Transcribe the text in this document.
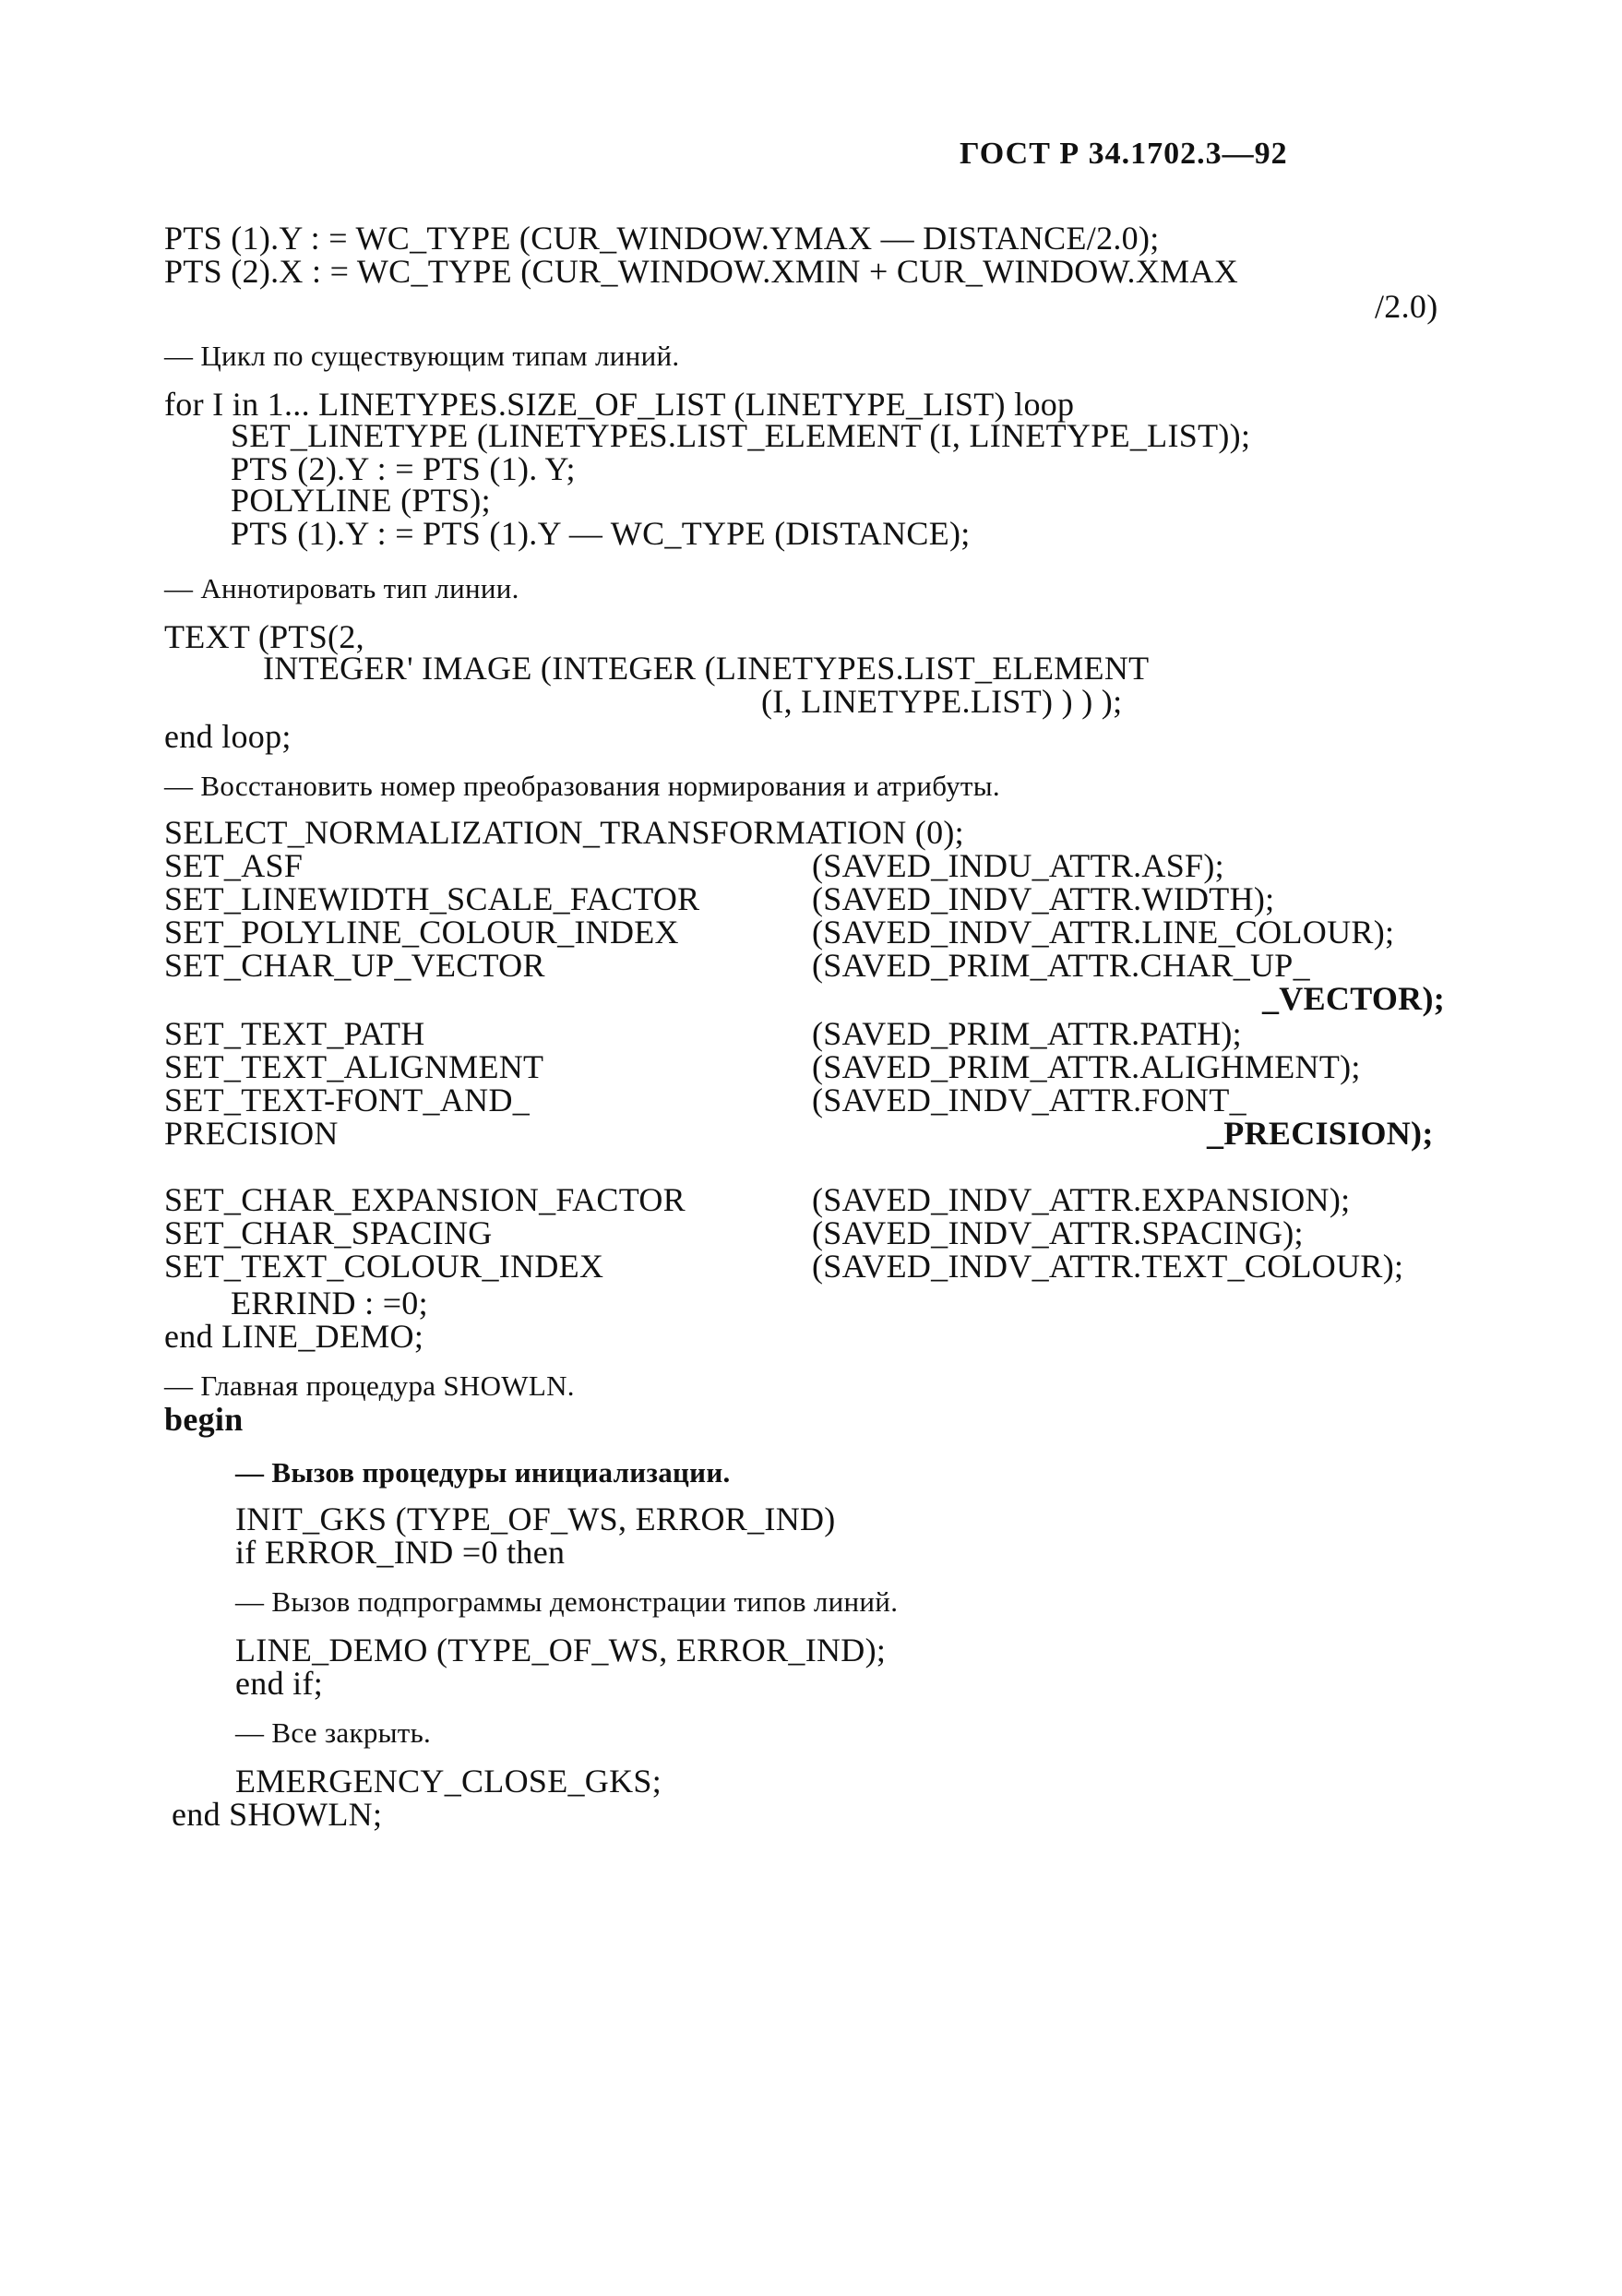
ГОСТ Р 34.1702.3—92
PTS (1).Y : = WC_TYPE (CUR_WINDOW.YMAX — DISTANCE/2.0);
PTS (2).X : = WC_TYPE (CUR_WINDOW.XMIN + CUR_WINDOW.XMAX
/2.0)
— Цикл по существующим типам линий.
for I in 1... LINETYPES.SIZE_OF_LIST (LINETYPE_LIST) loop
SET_LINETYPE (LINETYPES.LIST_ELEMENT (I, LINETYPE_LIST));
PTS (2).Y : = PTS (1). Y;
POLYLINE (PTS);
PTS (1).Y : = PTS (1).Y — WC_TYPE (DISTANCE);
— Аннотировать тип линии.
TEXT (PTS(2,
INTEGER' IMAGE (INTEGER (LINETYPES.LIST_ELEMENT
(I, LINETYPE.LIST) ) ) );
end loop;
— Восстановить номер преобразования нормирования и атрибуты.
SELECT_NORMALIZATION_TRANSFORMATION (0);
SET_ASF	(SAVED_INDU_ATTR.ASF);
SET_LINEWIDTH_SCALE_FACTOR	(SAVED_INDV_ATTR.WIDTH);
SET_POLYLINE_COLOUR_INDEX	(SAVED_INDV_ATTR.LINE_COLOUR);
SET_CHAR_UP_VECTOR	(SAVED_PRIM_ATTR.CHAR_UP_
_VECTOR);
SET_TEXT_PATH	(SAVED_PRIM_ATTR.PATH);
SET_TEXT_ALIGNMENT	(SAVED_PRIM_ATTR.ALIGHMENT);
SET_TEXT-FONT_AND_	(SAVED_INDV_ATTR.FONT_
PRECISION	_PRECISION);
SET_CHAR_EXPANSION_FACTOR	(SAVED_INDV_ATTR.EXPANSION);
SET_CHAR_SPACING	(SAVED_INDV_ATTR.SPACING);
SET_TEXT_COLOUR_INDEX	(SAVED_INDV_ATTR.TEXT_COLOUR);
ERRIND : =0;
end LINE_DEMO;
— Главная процедура SHOWLN.
begin
— Вызов процедуры инициализации.
INIT_GKS (TYPE_OF_WS, ERROR_IND)
if ERROR_IND =0 then
— Вызов подпрограммы демонстрации типов линий.
LINE_DEMO (TYPE_OF_WS, ERROR_IND);
end if;
— Все закрыть.
EMERGENCY_CLOSE_GKS;
end SHOWLN;
